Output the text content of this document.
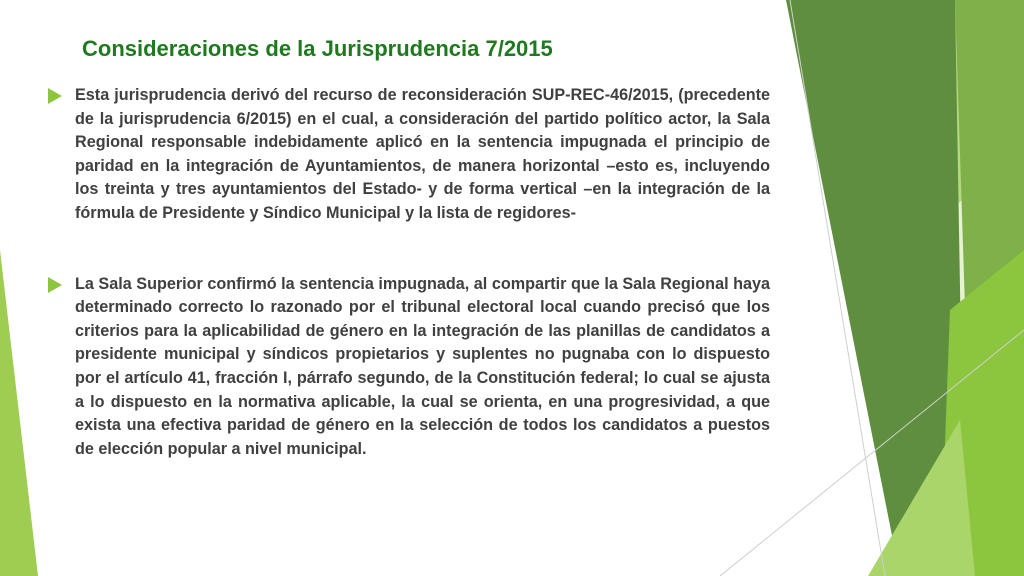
Consideraciones de la Jurisprudencia 7/2015

Esta jurisprudencia derivó del recurso de reconsideración SUP-REC-46/2015, (precedente de la jurisprudencia 6/2015) en el cual, a consideración del partido político actor, la Sala Regional responsable indebidamente aplicó en la sentencia impugnada el principio de paridad en la integración de Ayuntamientos, de manera horizontal –esto es, incluyendo los treinta y tres ayuntamientos del Estado- y de forma vertical –en la integración de la fórmula de Presidente y Síndico Municipal y la lista de regidores-

La Sala Superior confirmó la sentencia impugnada, al compartir que la Sala Regional haya determinado correcto lo razonado por el tribunal electoral local cuando precisó que los criterios para la aplicabilidad de género en la integración de las planillas de candidatos a presidente municipal y síndicos propietarios y suplentes no pugnaba con lo dispuesto por el artículo 41, fracción I, párrafo segundo, de la Constitución federal; lo cual se ajusta a lo dispuesto en la normativa aplicable, la cual se orienta, en una progresividad, a que exista una efectiva paridad de género en la selección de todos los candidatos a puestos de elección popular a nivel municipal.
